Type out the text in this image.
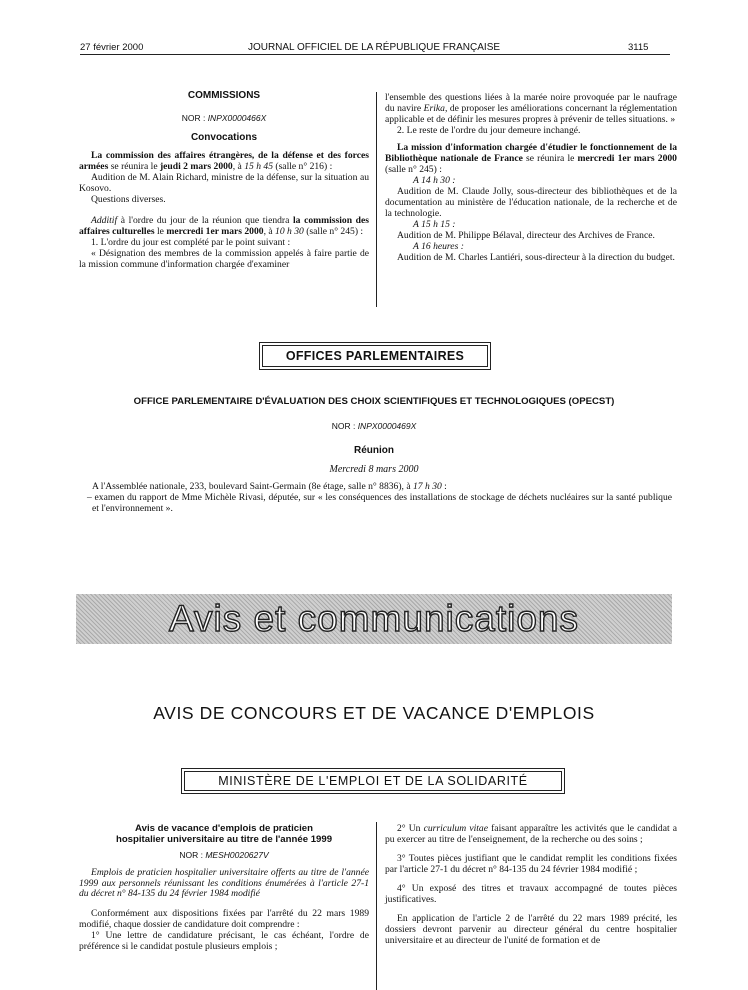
27 février 2000	JOURNAL OFFICIEL DE LA RÉPUBLIQUE FRANÇAISE	3115

COMMISSIONS

NOR : INPX0000466X

Convocations

La commission des affaires étrangères, de la défense et des forces armées se réunira le jeudi 2 mars 2000, à 15 h 45 (salle n° 216) :

Audition de M. Alain Richard, ministre de la défense, sur la situation au Kosovo.

Questions diverses.

Additif à l'ordre du jour de la réunion que tiendra la commission des affaires culturelles le mercredi 1er mars 2000, à 10 h 30 (salle n° 245) :

1. L'ordre du jour est complété par le point suivant :

« Désignation des membres de la commission appelés à faire partie de la mission commune d'information chargée d'examiner

l'ensemble des questions liées à la marée noire provoquée par le naufrage du navire Erika, de proposer les améliorations concernant la réglementation applicable et de définir les mesures propres à prévenir de telles situations. »

2. Le reste de l'ordre du jour demeure inchangé.

La mission d'information chargée d'étudier le fonctionnement de la Bibliothèque nationale de France se réunira le mercredi 1er mars 2000 (salle n° 245) :

A 14 h 30 :

Audition de M. Claude Jolly, sous-directeur des bibliothèques et de la documentation au ministère de l'éducation nationale, de la recherche et de la technologie.

A 15 h 15 :

Audition de M. Philippe Bélaval, directeur des Archives de France.

A 16 heures :

Audition de M. Charles Lantiéri, sous-directeur à la direction du budget.

OFFICES PARLEMENTAIRES
OFFICE PARLEMENTAIRE D'ÉVALUATION DES CHOIX SCIENTIFIQUES ET TECHNOLOGIQUES (OPECST)
NOR : INPX0000469X
Réunion
Mercredi 8 mars 2000

A l'Assemblée nationale, 233, boulevard Saint-Germain (8e étage, salle n° 8836), à 17 h 30 :

– examen du rapport de Mme Michèle Rivasi, députée, sur « les conséquences des installations de stockage de déchets nucléaires sur la santé publique et l'environnement ».

Avis et communications
AVIS DE CONCOURS ET DE VACANCE D'EMPLOIS
MINISTÈRE DE L'EMPLOI ET DE LA SOLIDARITÉ

Avis de vacance d'emplois de praticien

hospitalier universitaire au titre de l'année 1999

NOR : MESH0020627V

Emplois de praticien hospitalier universitaire offerts au titre de l'année 1999 aux personnels réunissant les conditions énumérées à l'article 27-1 du décret n° 84-135 du 24 février 1984 modifié

Conformément aux dispositions fixées par l'arrêté du 22 mars 1989 modifié, chaque dossier de candidature doit comprendre :

1° Une lettre de candidature précisant, le cas échéant, l'ordre de préférence si le candidat postule plusieurs emplois ;

2° Un curriculum vitae faisant apparaître les activités que le candidat a pu exercer au titre de l'enseignement, de la recherche ou des soins ;

3° Toutes pièces justifiant que le candidat remplit les conditions fixées par l'article 27-1 du décret n° 84-135 du 24 février 1984 modifié ;

4° Un exposé des titres et travaux accompagné de toutes pièces justificatives.

En application de l'article 2 de l'arrêté du 22 mars 1989 précité, les dossiers devront parvenir au directeur général du centre hospitalier universitaire et au directeur de l'unité de formation et de
